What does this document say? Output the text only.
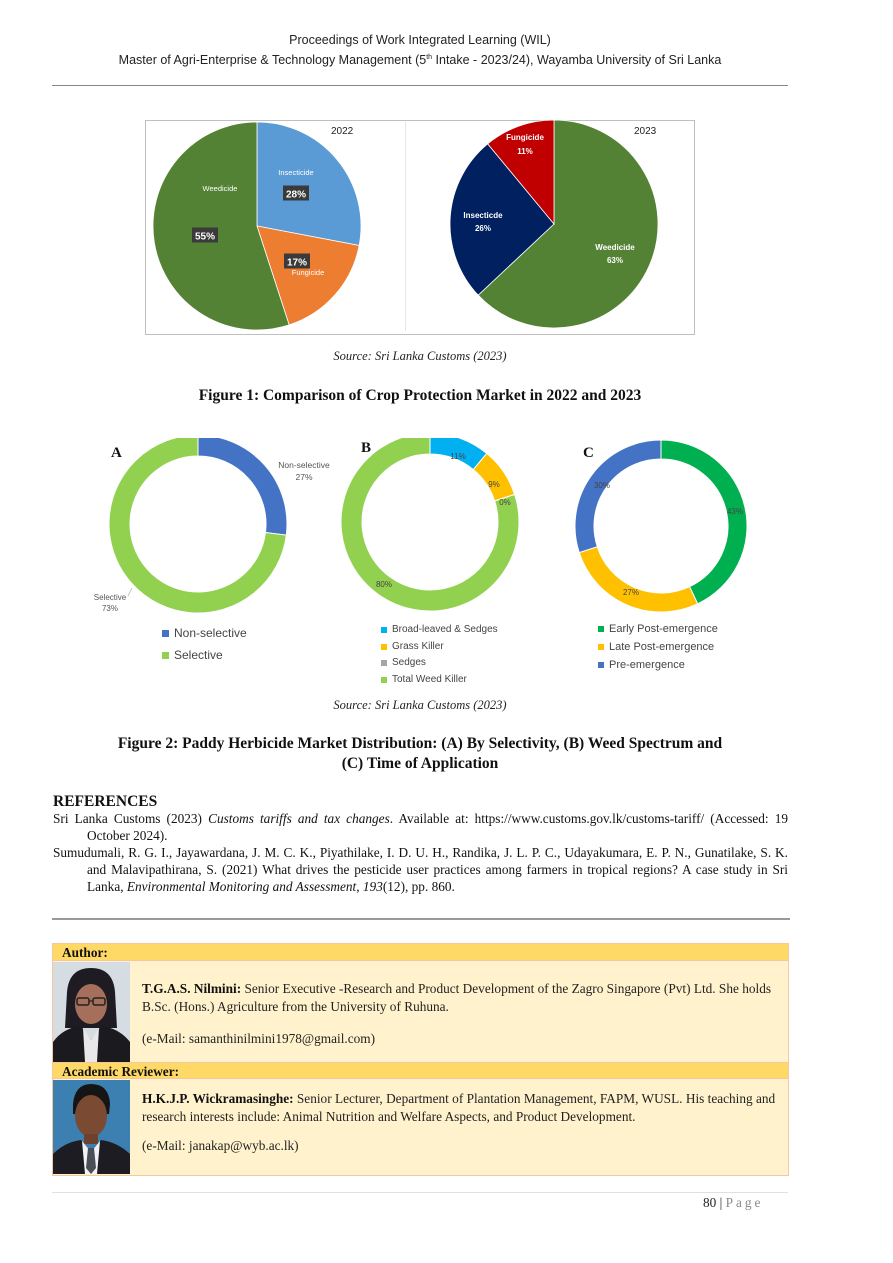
Proceedings of Work Integrated Learning (WIL)
Master of Agri-Enterprise & Technology Management (5th Intake - 2023/24), Wayamba University of Sri Lanka
2022	2023
Insecticide
28%
17%
Fungicide
Weedicide
55%
Weedicide
63%
Insecticde
26%
Fungicide
11%
Source: Sri Lanka Customs (2023)
Figure 1: Comparison of Crop Protection Market in 2022 and 2023
A	B	C
Non-selective
27%
Selective
73%
11%
9%
0%
80%
43%
27%
30%
Non-selective
Selective
Broad-leaved & Sedges
Grass Killer
Sedges
Total Weed Killer
Early Post-emergence
Late Post-emergence
Pre-emergence
Source: Sri Lanka Customs (2023)
Figure 2: Paddy Herbicide Market Distribution: (A) By Selectivity, (B) Weed Spectrum and
(C) Time of Application
REFERENCES
Sri Lanka Customs (2023) Customs tariffs and tax changes. Available at: https://www.customs.gov.lk/customs-tariff/ (Accessed: 19 October 2024).
Sumudumali, R. G. I., Jayawardana, J. M. C. K., Piyathilake, I. D. U. H., Randika, J. L. P. C., Udayakumara, E. P. N., Gunatilake, S. K. and Malavipathirana, S. (2021) What drives the pesticide user practices among farmers in tropical regions? A case study in Sri Lanka, Environmental Monitoring and Assessment, 193(12), pp. 860.
Author:
T.G.A.S. Nilmini: Senior Executive -Research and Product Development of the Zagro Singapore (Pvt) Ltd. She holds B.Sc. (Hons.) Agriculture from the University of Ruhuna.
(e-Mail: samanthinilmini1978@gmail.com)
Academic Reviewer:
H.K.J.P. Wickramasinghe: Senior Lecturer, Department of Plantation Management, FAPM, WUSL. His teaching and research interests include: Animal Nutrition and Welfare Aspects, and Product Development.
(e-Mail: janakap@wyb.ac.lk)
80 | Page
